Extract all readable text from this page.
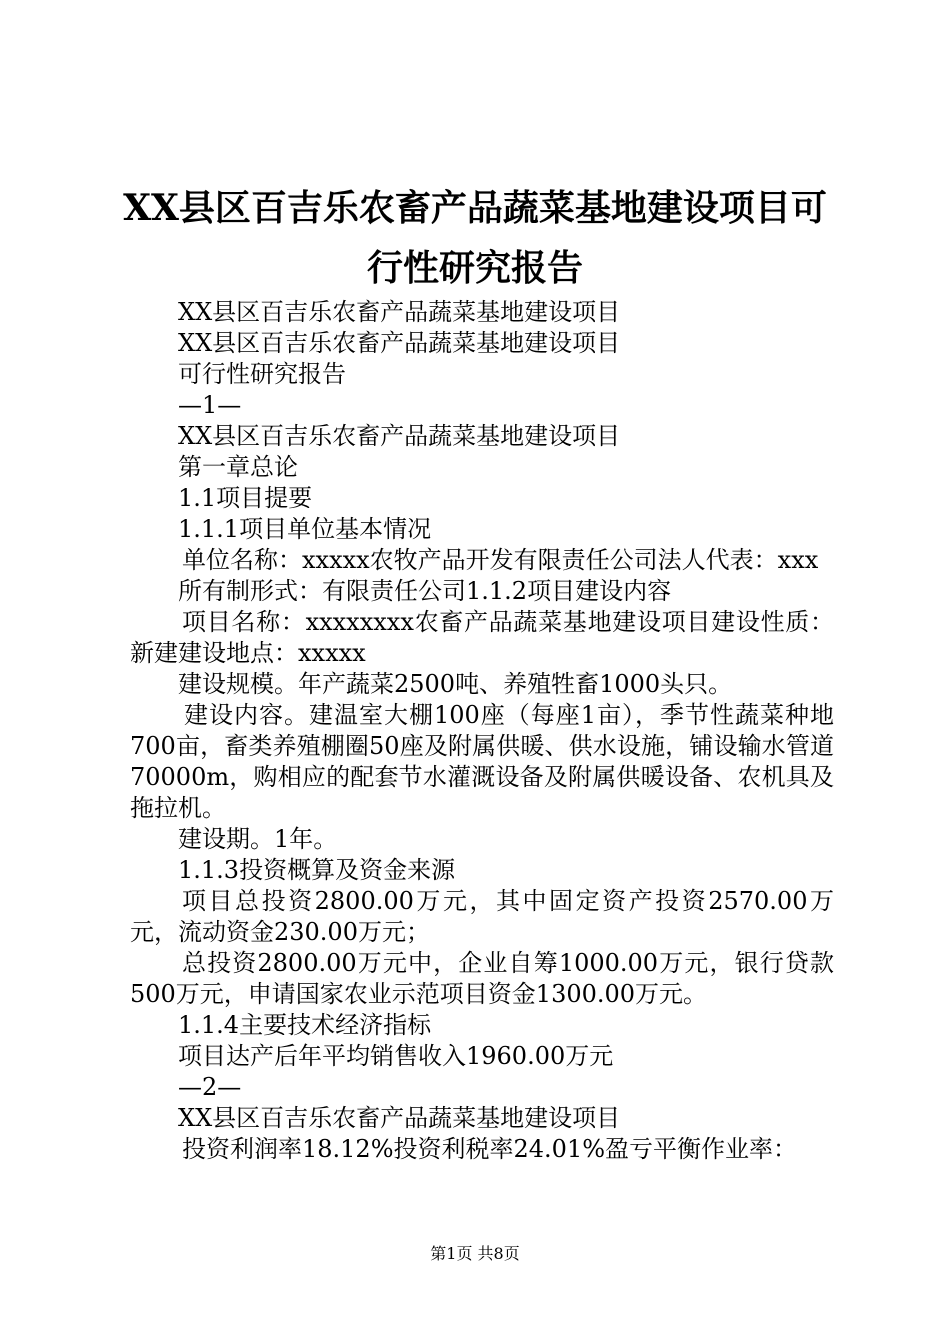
XX县区百吉乐农畜产品蔬菜基地建设项目可
行性研究报告
XX县区百吉乐农畜产品蔬菜基地建设项目
XX县区百吉乐农畜产品蔬菜基地建设项目
可行性研究报告
—1—
XX县区百吉乐农畜产品蔬菜基地建设项目
第一章总论
1.1项目提要
1.1.1项目单位基本情况
单位名称：xxxxx农牧产品开发有限责任公司法人代表：xxx
所有制形式：有限责任公司1.1.2项目建设内容
项目名称：xxxxxxxx农畜产品蔬菜基地建设项目建设性质：新建建设地点：xxxxx
建设规模。年产蔬菜2500吨、养殖牲畜1000头只。
建设内容。建温室大棚100座（每座1亩），季节性蔬菜种地700亩，畜类养殖棚圈50座及附属供暖、供水设施，铺设输水管道70000m，购相应的配套节水灌溉设备及附属供暖设备、农机具及拖拉机。
建设期。1年。
1.1.3投资概算及资金来源
项目总投资2800.00万元，其中固定资产投资2570.00万元，流动资金230.00万元；
总投资2800.00万元中，企业自筹1000.00万元，银行贷款500万元，申请国家农业示范项目资金1300.00万元。
1.1.4主要技术经济指标
项目达产后年平均销售收入1960.00万元
—2—
XX县区百吉乐农畜产品蔬菜基地建设项目
投资利润率18.12%投资利税率24.01%盈亏平衡作业率：
第1页 共8页
